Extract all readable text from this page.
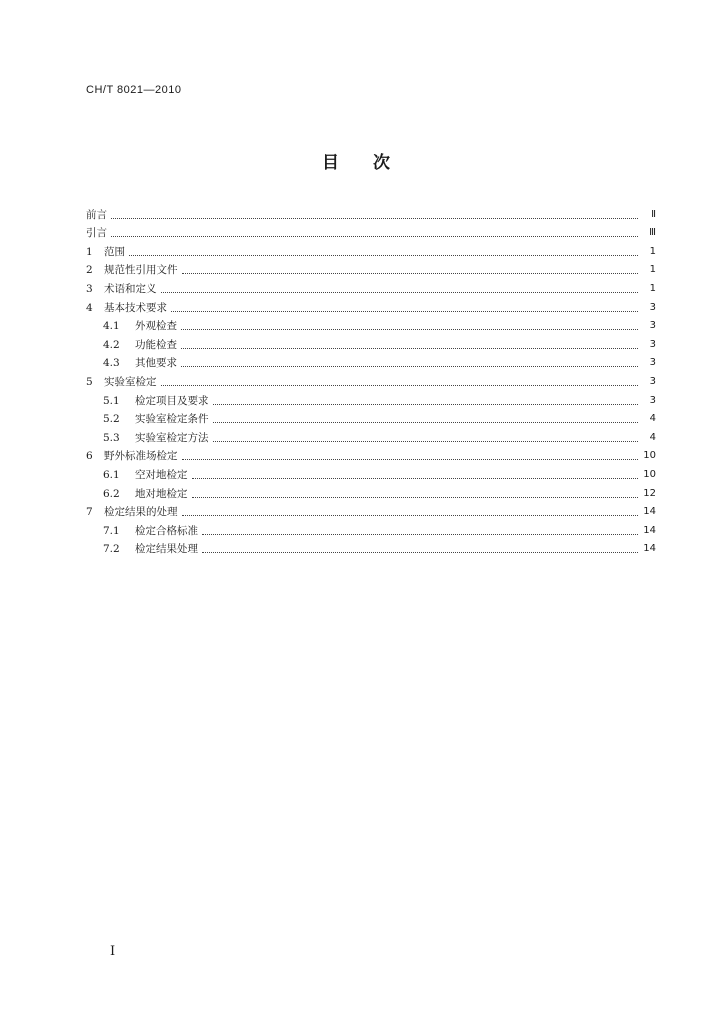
CH/T 8021—2010
目 次
前言	Ⅱ
引言	Ⅲ
1	范围	1
2	规范性引用文件	1
3	术语和定义	1
4	基本技术要求	3
4.1	外观检查	3
4.2	功能检查	3
4.3	其他要求	3
5	实验室检定	3
5.1	检定项目及要求	3
5.2	实验室检定条件	4
5.3	实验室检定方法	4
6	野外标准场检定	10
6.1	空对地检定	10
6.2	地对地检定	12
7	检定结果的处理	14
7.1	检定合格标准	14
7.2	检定结果处理	14
I
